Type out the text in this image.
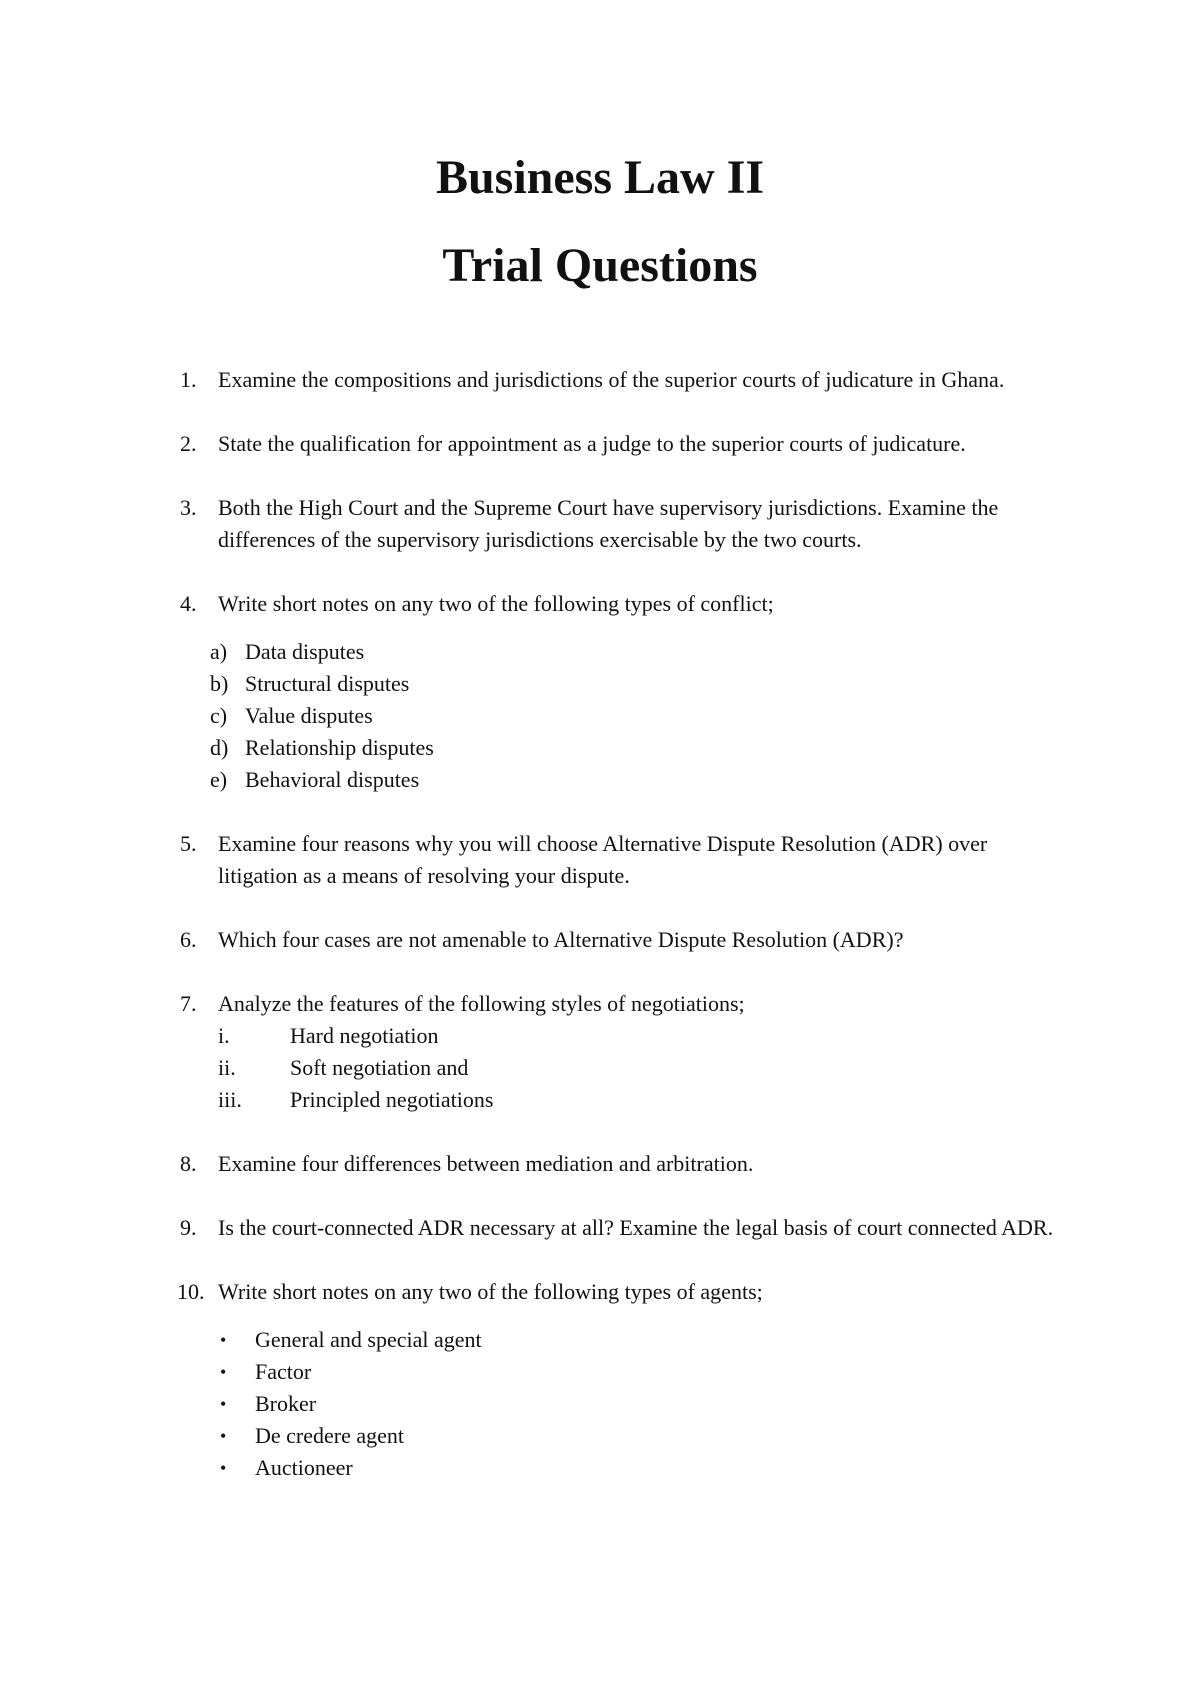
Business Law II
Trial Questions

1. Examine the compositions and jurisdictions of the superior courts of judicature in Ghana.

2. State the qualification for appointment as a judge to the superior courts of judicature.

3. Both the High Court and the Supreme Court have supervisory jurisdictions. Examine the differences of the supervisory jurisdictions exercisable by the two courts.

4. Write short notes on any two of the following types of conflict;

a) Data disputes

b) Structural disputes

c) Value disputes

d) Relationship disputes

e) Behavioral disputes

5. Examine four reasons why you will choose Alternative Dispute Resolution (ADR) over litigation as a means of resolving your dispute.

6. Which four cases are not amenable to Alternative Dispute Resolution (ADR)?

7. Analyze the features of the following styles of negotiations;

i.	Hard negotiation

ii. Soft negotiation and

iii. Principled negotiations

8. Examine four differences between mediation and arbitration.

9. Is the court-connected ADR necessary at all? Examine the legal basis of court connected ADR.

10. Write short notes on any two of the following types of agents;

• General and special agent

• Factor

• Broker

• De credere agent

• Auctioneer
